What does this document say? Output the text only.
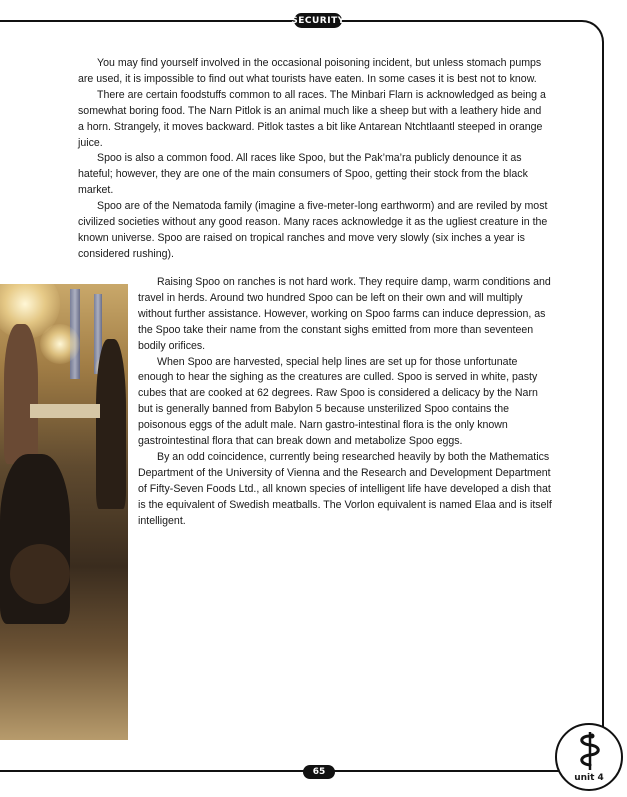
SECURITY

You may find yourself involved in the occasional poisoning incident, but unless stomach pumps are used, it is impossible to find out what tourists have eaten. In some cases it is best not to know.

There are certain foodstuffs common to all races. The Minbari Flarn is acknowledged as being a somewhat boring food. The Narn Pitlok is an animal much like a sheep but with a leathery hide and a horn. Strangely, it moves backward. Pitlok tastes a bit like Antarean Ntchtlaantl steeped in orange juice.

Spoo is also a common food. All races like Spoo, but the Pak’ma’ra publicly denounce it as hateful; however, they are one of the main consumers of Spoo, getting their stock from the black market.

Spoo are of the Nematoda family (imagine a five-meter-long earthworm) and are reviled by most civilized societies without any good reason. Many races acknowledge it as the ugliest creature in the known universe. Spoo are raised on tropical ranches and move very slowly (six inches a year is considered rushing).

Raising Spoo on ranches is not hard work. They require damp, warm conditions and travel in herds. Around two hundred Spoo can be left on their own and will multiply without further assistance. However, working on Spoo farms can induce depression, as the Spoo take their name from the constant sighs emitted from more than seventeen bodily orifices.

When Spoo are harvested, special help lines are set up for those unfortunate enough to hear the sighing as the creatures are culled. Spoo is served in white, pasty cubes that are cooked at 62 degrees. Raw Spoo is considered a delicacy by the Narn but is generally banned from Babylon 5 because unsterilized Spoo contains the poisonous eggs of the adult male. Narn gastro-intestinal flora is the only known gastrointestinal flora that can break down and metabolize Spoo eggs.

By an odd coincidence, currently being researched heavily by both the Mathematics Department of the University of Vienna and the Research and Development Department of Fifty-Seven Foods Ltd., all known species of intelligent life have developed a dish that is the equivalent of Swedish meatballs. The Vorlon equivalent is named Elaa and is itself intelligent.

65
unit 4
